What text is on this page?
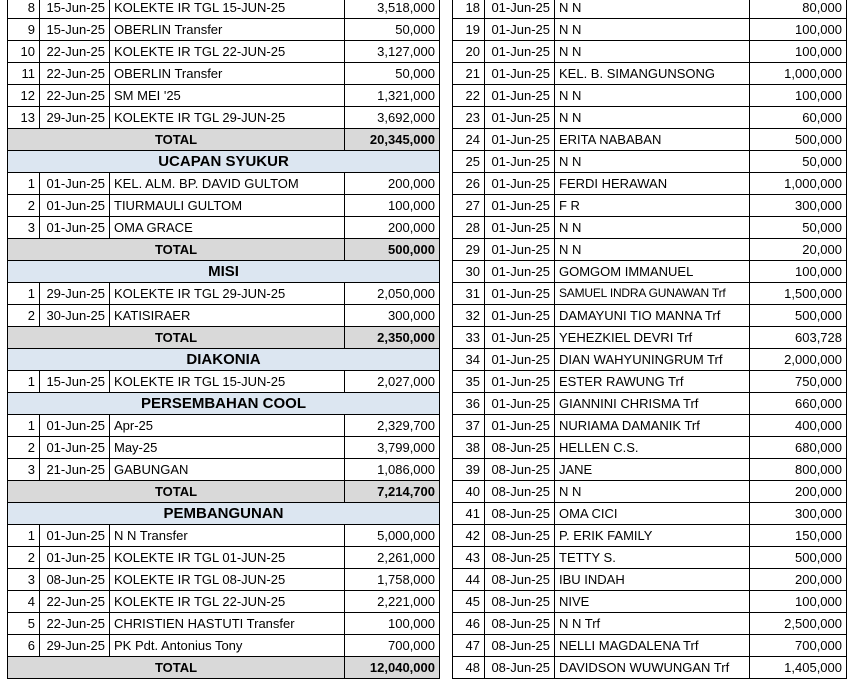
8	15-Jun-25	KOLEKTE IR TGL 15-JUN-25	3,518,000
9	15-Jun-25	OBERLIN Transfer	50,000
10	22-Jun-25	KOLEKTE IR TGL 22-JUN-25	3,127,000
11	22-Jun-25	OBERLIN Transfer	50,000
12	22-Jun-25	SM MEI '25	1,321,000
13	29-Jun-25	KOLEKTE IR TGL 29-JUN-25	3,692,000
TOTAL			20,345,000
UCAPAN SYUKUR			
1	01-Jun-25	KEL. ALM. BP. DAVID GULTOM	200,000
2	01-Jun-25	TIURMAULI GULTOM	100,000
3	01-Jun-25	OMA GRACE	200,000
TOTAL			500,000
MISI			
1	29-Jun-25	KOLEKTE IR TGL 29-JUN-25	2,050,000
2	30-Jun-25	KATISIRAER	300,000
TOTAL			2,350,000
DIAKONIA			
1	15-Jun-25	KOLEKTE IR TGL 15-JUN-25	2,027,000
PERSEMBAHAN COOL			
1	01-Jun-25	Apr-25	2,329,700
2	01-Jun-25	May-25	3,799,000
3	21-Jun-25	GABUNGAN	1,086,000
TOTAL			7,214,700
PEMBANGUNAN			
1	01-Jun-25	N N Transfer	5,000,000
2	01-Jun-25	KOLEKTE IR TGL 01-JUN-25	2,261,000
3	08-Jun-25	KOLEKTE IR TGL 08-JUN-25	1,758,000
4	22-Jun-25	KOLEKTE IR TGL 22-JUN-25	2,221,000
5	22-Jun-25	CHRISTIEN HASTUTI Transfer	100,000
6	29-Jun-25	PK Pdt. Antonius Tony	700,000
TOTAL			12,040,000
18	01-Jun-25	N N	80,000
19	01-Jun-25	N N	100,000
20	01-Jun-25	N N	100,000
21	01-Jun-25	KEL. B. SIMANGUNSONG	1,000,000
22	01-Jun-25	N N	100,000
23	01-Jun-25	N N	60,000
24	01-Jun-25	ERITA NABABAN	500,000
25	01-Jun-25	N N	50,000
26	01-Jun-25	FERDI HERAWAN	1,000,000
27	01-Jun-25	F R	300,000
28	01-Jun-25	N N	50,000
29	01-Jun-25	N N	20,000
30	01-Jun-25	GOMGOM IMMANUEL	100,000
31	01-Jun-25	SAMUEL INDRA GUNAWAN Trf	1,500,000
32	01-Jun-25	DAMAYUNI TIO MANNA Trf	500,000
33	01-Jun-25	YEHEZKIEL DEVRI Trf	603,728
34	01-Jun-25	DIAN WAHYUNINGRUM Trf	2,000,000
35	01-Jun-25	ESTER RAWUNG Trf	750,000
36	01-Jun-25	GIANNINI CHRISMA Trf	660,000
37	01-Jun-25	NURIAMA DAMANIK Trf	400,000
38	08-Jun-25	HELLEN C.S.	680,000
39	08-Jun-25	JANE	800,000
40	08-Jun-25	N N	200,000
41	08-Jun-25	OMA CICI	300,000
42	08-Jun-25	P. ERIK FAMILY	150,000
43	08-Jun-25	TETTY S.	500,000
44	08-Jun-25	IBU INDAH	200,000
45	08-Jun-25	NIVE	100,000
46	08-Jun-25	N N Trf	2,500,000
47	08-Jun-25	NELLI MAGDALENA Trf	700,000
48	08-Jun-25	DAVIDSON WUWUNGAN Trf	1,405,000
